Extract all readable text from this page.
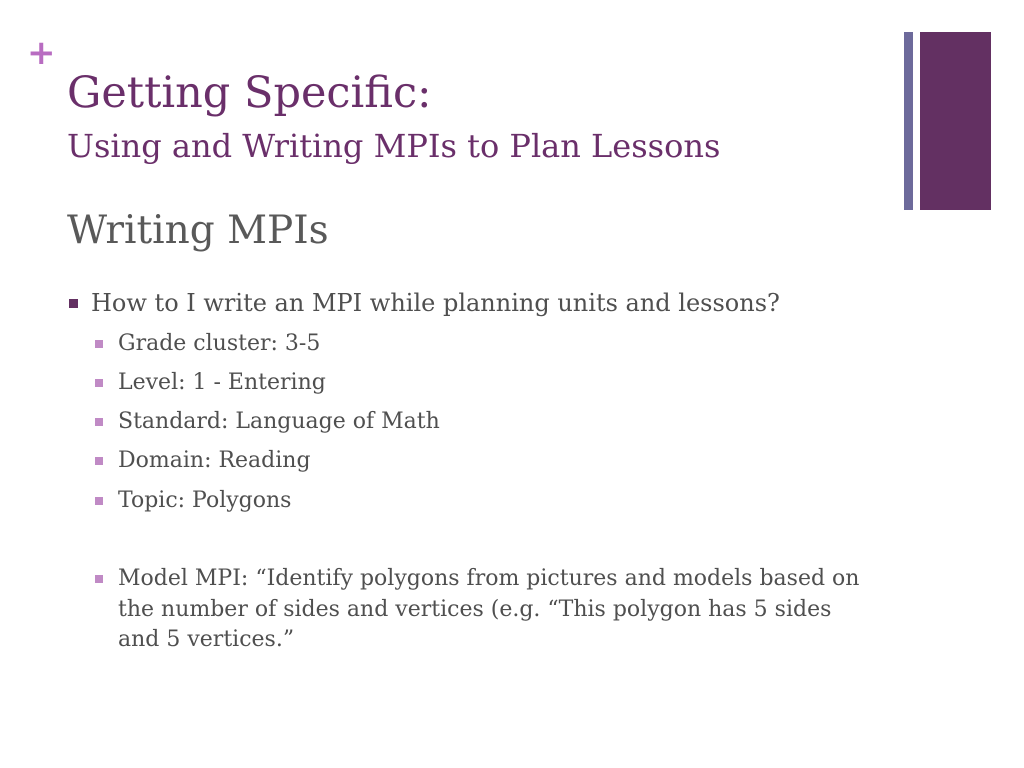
+
Getting Specific:
Using and Writing MPIs to Plan Lessons
Writing MPIs
How to I write an MPI while planning units and lessons?
Grade cluster: 3-5
Level: 1 - Entering
Standard: Language of Math
Domain: Reading
Topic: Polygons
Model MPI: “Identify polygons from pictures and models based on the number of sides and vertices (e.g. “This polygon has 5 sides and 5 vertices.”
